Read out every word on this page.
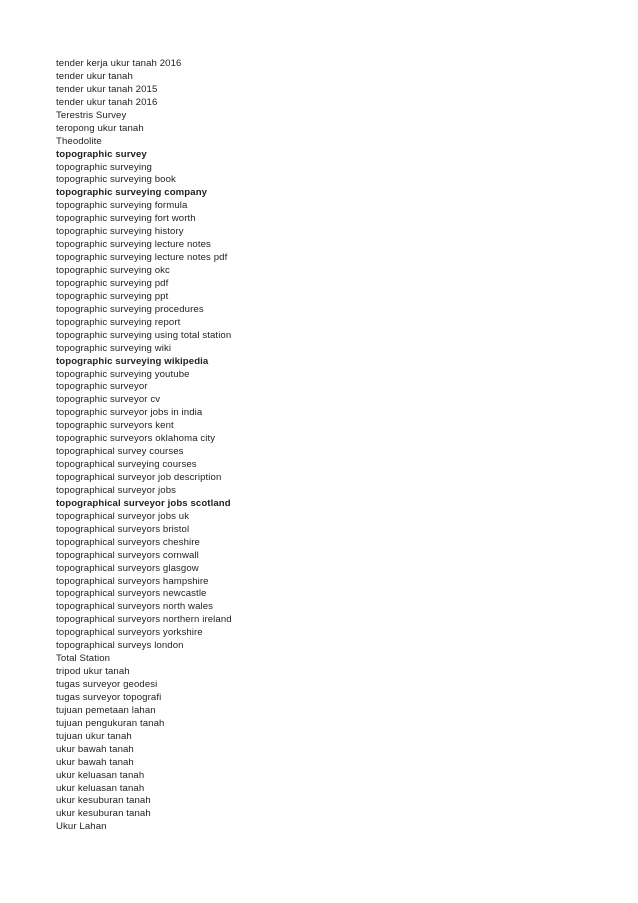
tender kerja ukur tanah 2016
tender ukur tanah
tender ukur tanah 2015
tender ukur tanah 2016
Terestris Survey
teropong ukur tanah
Theodolite
topographic survey
topographic surveying
topographic surveying book
topographic surveying company
topographic surveying formula
topographic surveying fort worth
topographic surveying history
topographic surveying lecture notes
topographic surveying lecture notes pdf
topographic surveying okc
topographic surveying pdf
topographic surveying ppt
topographic surveying procedures
topographic surveying report
topographic surveying using total station
topographic surveying wiki
topographic surveying wikipedia
topographic surveying youtube
topographic surveyor
topographic surveyor cv
topographic surveyor jobs in india
topographic surveyors kent
topographic surveyors oklahoma city
topographical survey courses
topographical surveying courses
topographical surveyor job description
topographical surveyor jobs
topographical surveyor jobs scotland
topographical surveyor jobs uk
topographical surveyors bristol
topographical surveyors cheshire
topographical surveyors cornwall
topographical surveyors glasgow
topographical surveyors hampshire
topographical surveyors newcastle
topographical surveyors north wales
topographical surveyors northern ireland
topographical surveyors yorkshire
topographical surveys london
Total Station
tripod ukur tanah
tugas surveyor geodesi
tugas surveyor topografi
tujuan pemetaan lahan
tujuan pengukuran tanah
tujuan ukur tanah
ukur bawah tanah
ukur bawah tanah
ukur keluasan tanah
ukur keluasan tanah
ukur kesuburan tanah
ukur kesuburan tanah
Ukur Lahan
